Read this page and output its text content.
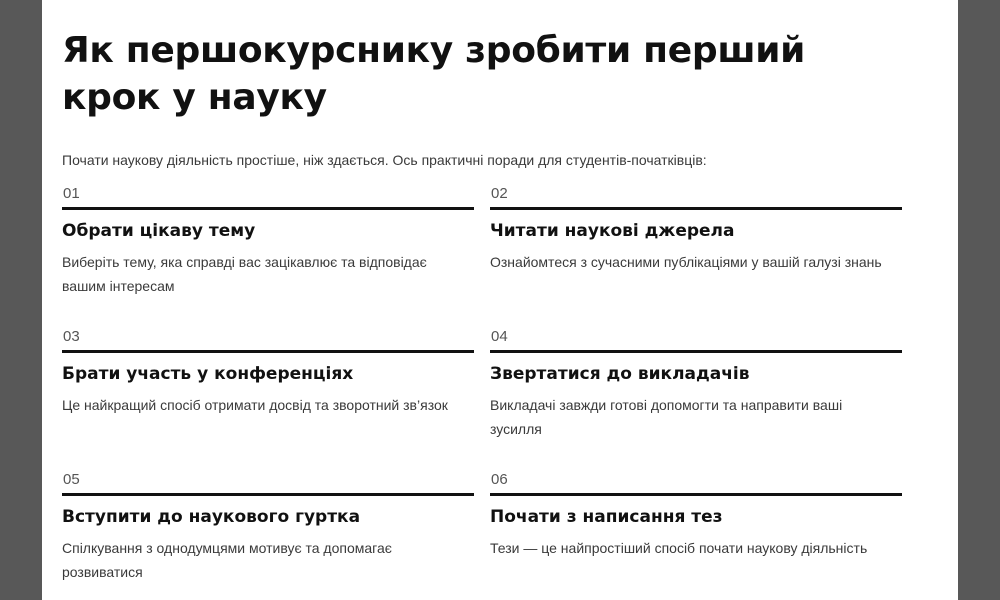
Як першокурснику зробити перший крок у науку

Почати наукову діяльність простіше, ніж здається. Ось практичні поради для студентів-початківців:

01
Обрати цікаву тему
Виберіть тему, яка справді вас зацікавлює та відповідає вашим інтересам
02
Читати наукові джерела
Ознайомтеся з сучасними публікаціями у вашій галузі знань
03
Брати участь у конференціях
Це найкращий спосіб отримати досвід та зворотний зв’язок
04
Звертатися до викладачів
Викладачі завжди готові допомогти та направити ваші зусилля
05
Вступити до наукового гуртка
Спілкування з однодумцями мотивує та допомагає розвиватися
06
Почати з написання тез
Тези — це найпростіший спосіб почати наукову діяльність
